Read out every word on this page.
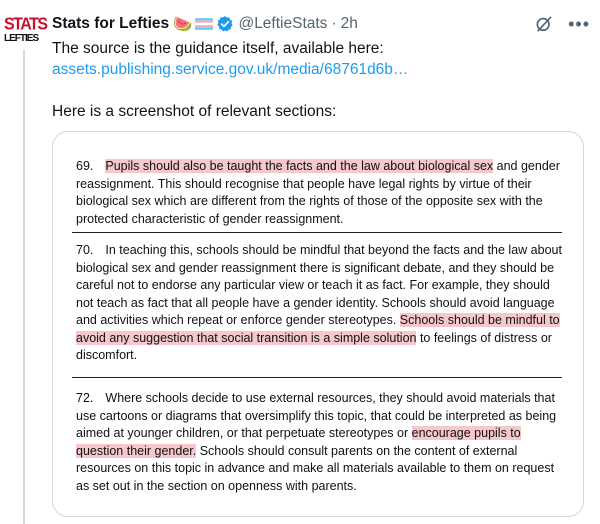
STATS
LEFTIES
Stats for Lefties 🍉	@LeftieStats · 2h	•••

The source is the guidance itself, available here:

assets.publishing.service.gov.uk/media/68761d6b…

Here is a screenshot of relevant sections:

69. Pupils should also be taught the facts and the law about biological sex and gender reassignment. This should recognise that people have legal rights by virtue of their biological sex which are different from the rights of those of the opposite sex with the protected characteristic of gender reassignment.

70. In teaching this, schools should be mindful that beyond the facts and the law about biological sex and gender reassignment there is significant debate, and they should be careful not to endorse any particular view or teach it as fact. For example, they should not teach as fact that all people have a gender identity. Schools should avoid language and activities which repeat or enforce gender stereotypes. Schools should be mindful to avoid any suggestion that social transition is a simple solution to feelings of distress or discomfort.

72. Where schools decide to use external resources, they should avoid materials that use cartoons or diagrams that oversimplify this topic, that could be interpreted as being aimed at younger children, or that perpetuate stereotypes or encourage pupils to question their gender. Schools should consult parents on the content of external resources on this topic in advance and make all materials available to them on request as set out in the section on openness with parents.
